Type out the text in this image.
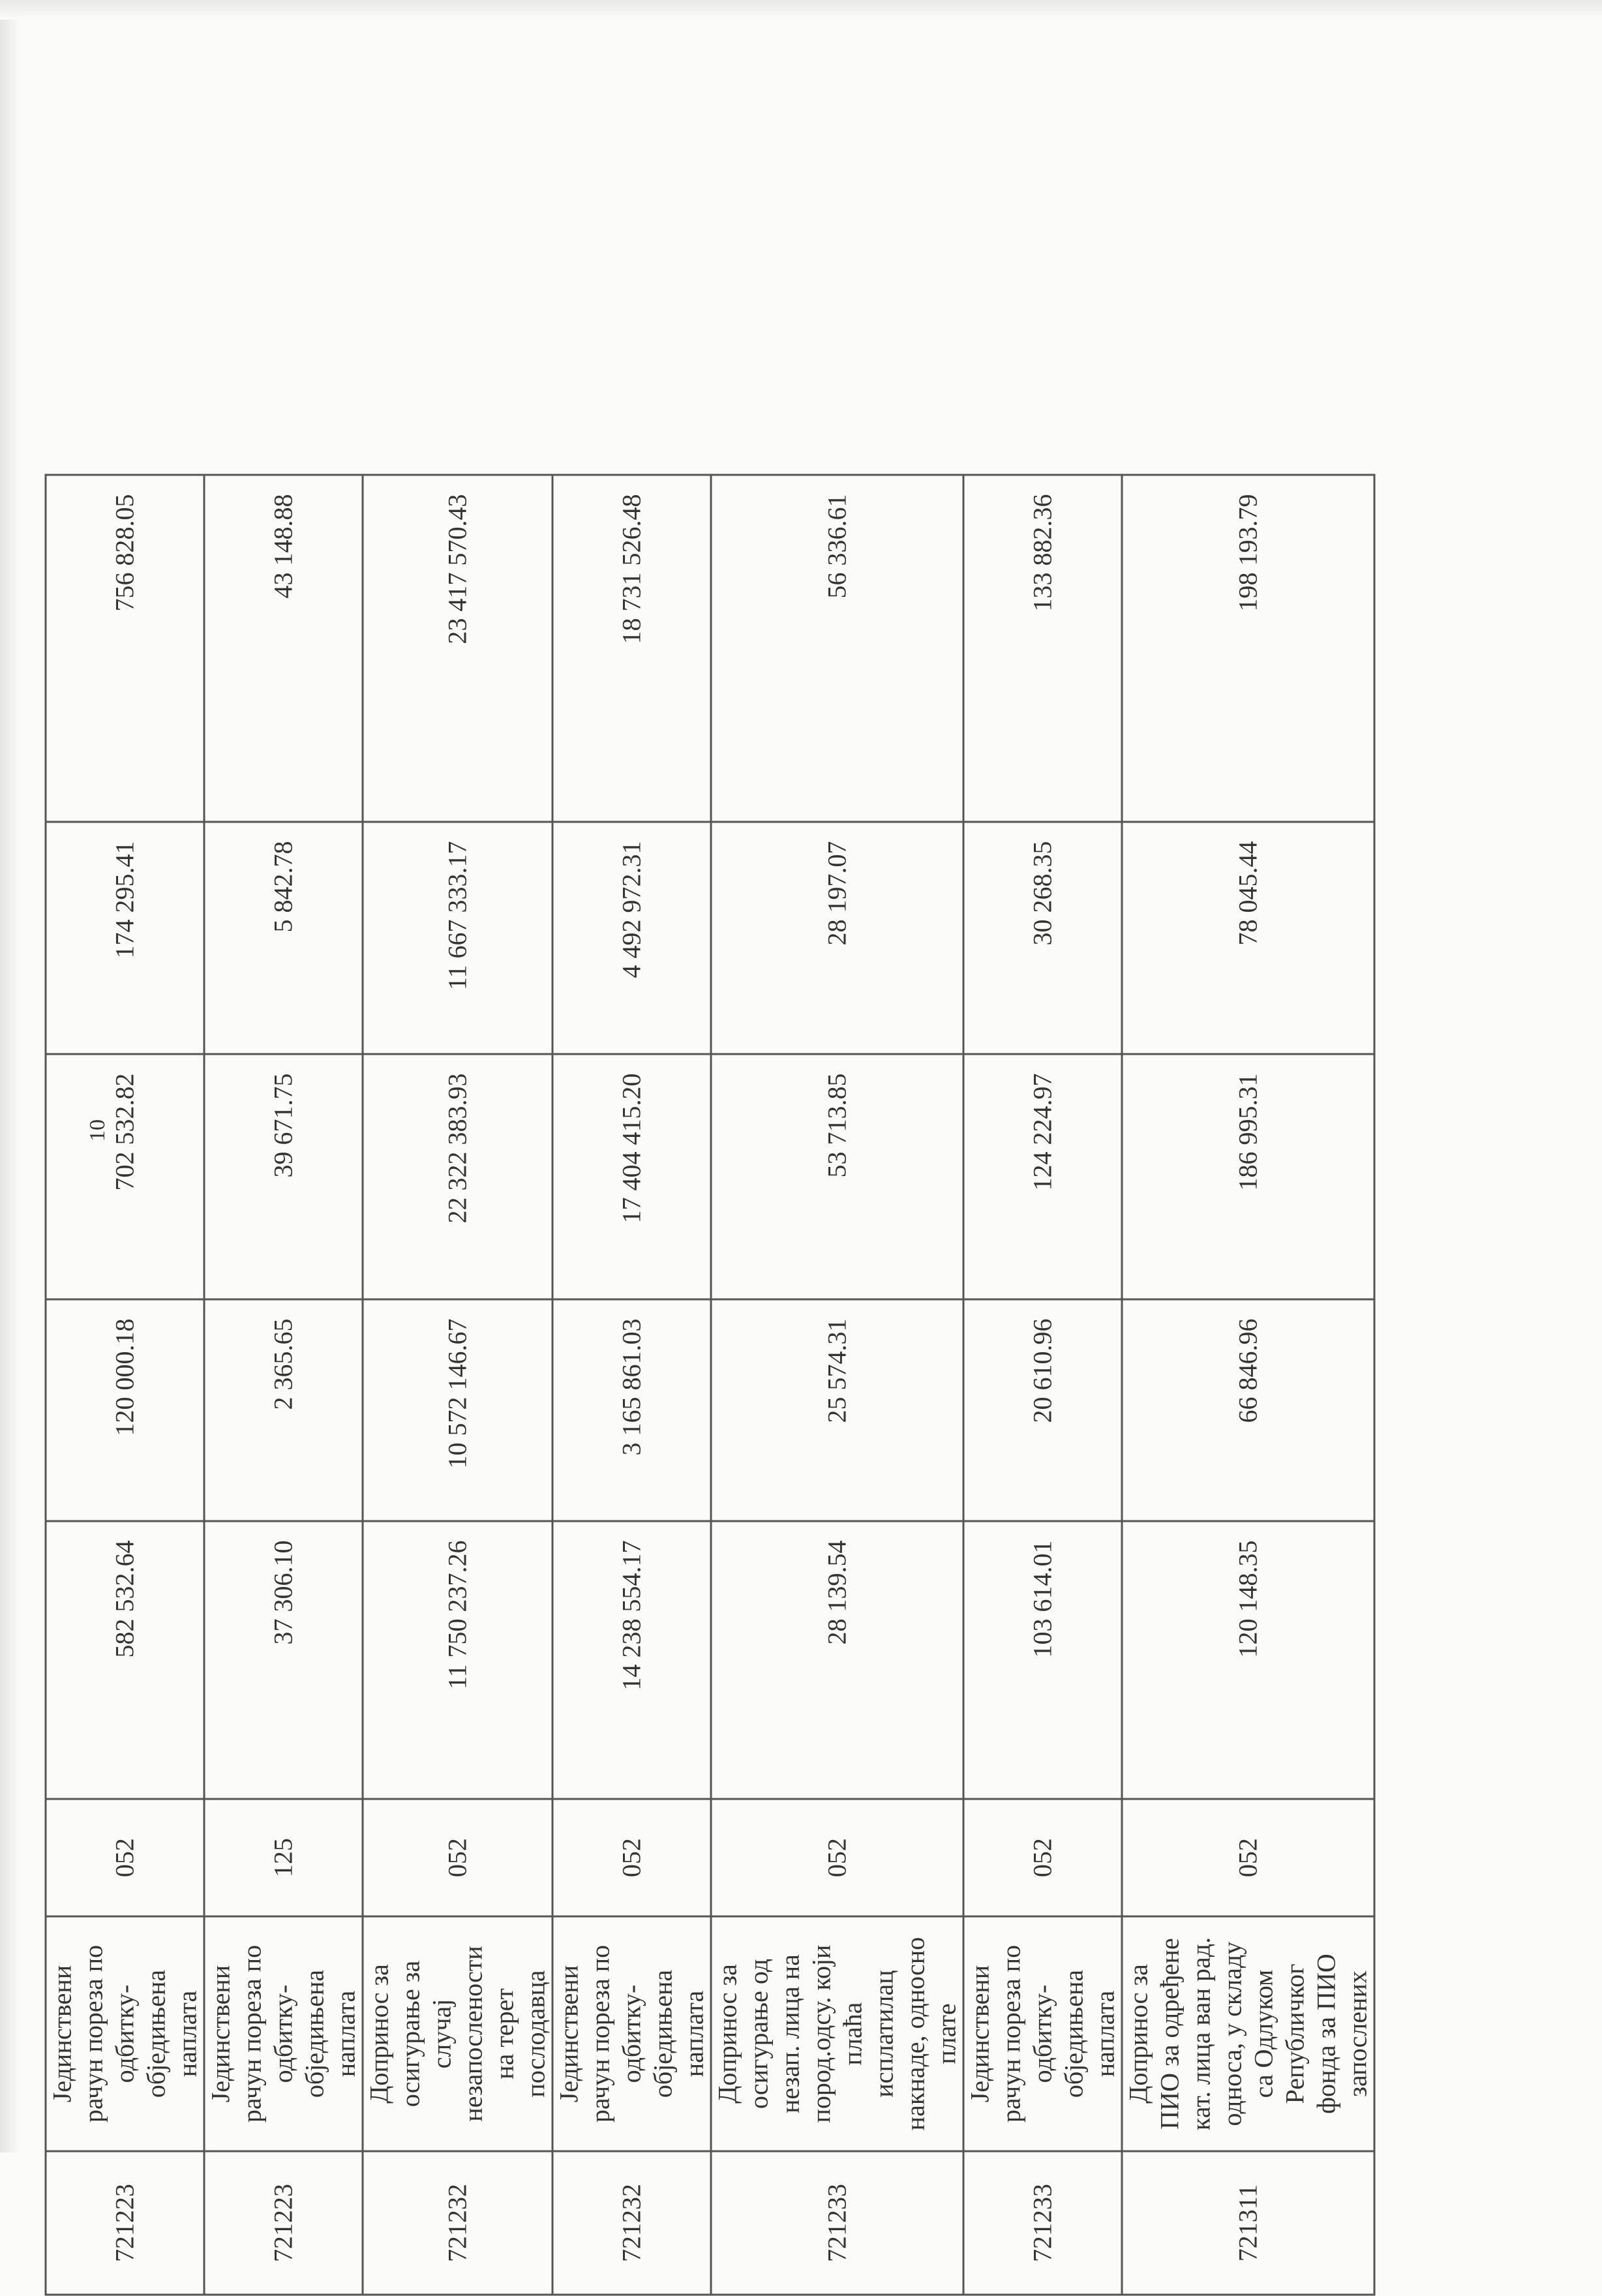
10
721223	Јединствени рачун пореза по одбитку-обједињена наплата	052	582 532.64	120 000.18	702 532.82	174 295.41	756 828.05
721223	Јединствени рачун пореза по одбитку-обједињена наплата	125	37 306.10	2 365.65	39 671.75	5 842.78	43 148.88
721232	Допринос за осигурање за случај незапослености на терет послодавца	052	11 750 237.26	10 572 146.67	22 322 383.93	11 667 333.17	23 417 570.43
721232	Јединствени рачун пореза по одбитку-обједињена наплата	052	14 238 554.17	3 165 861.03	17 404 415.20	4 492 972.31	18 731 526.48
721233	Допринос за осигурање од незап. лица на пород.одсу. који плаћа исплатилац накнаде, односно плате	052	28 139.54	25 574.31	53 713.85	28 197.07	56 336.61
721233	Јединствени рачун пореза по одбитку-обједињена наплата	052	103 614.01	20 610.96	124 224.97	30 268.35	133 882.36
721311	Допринос за ПИО за одређене кат. лица ван рад. односа, у складу са Одлуком Републичког фонда за ПИО запослених	052	120 148.35	66 846.96	186 995.31	78 045.44	198 193.79
